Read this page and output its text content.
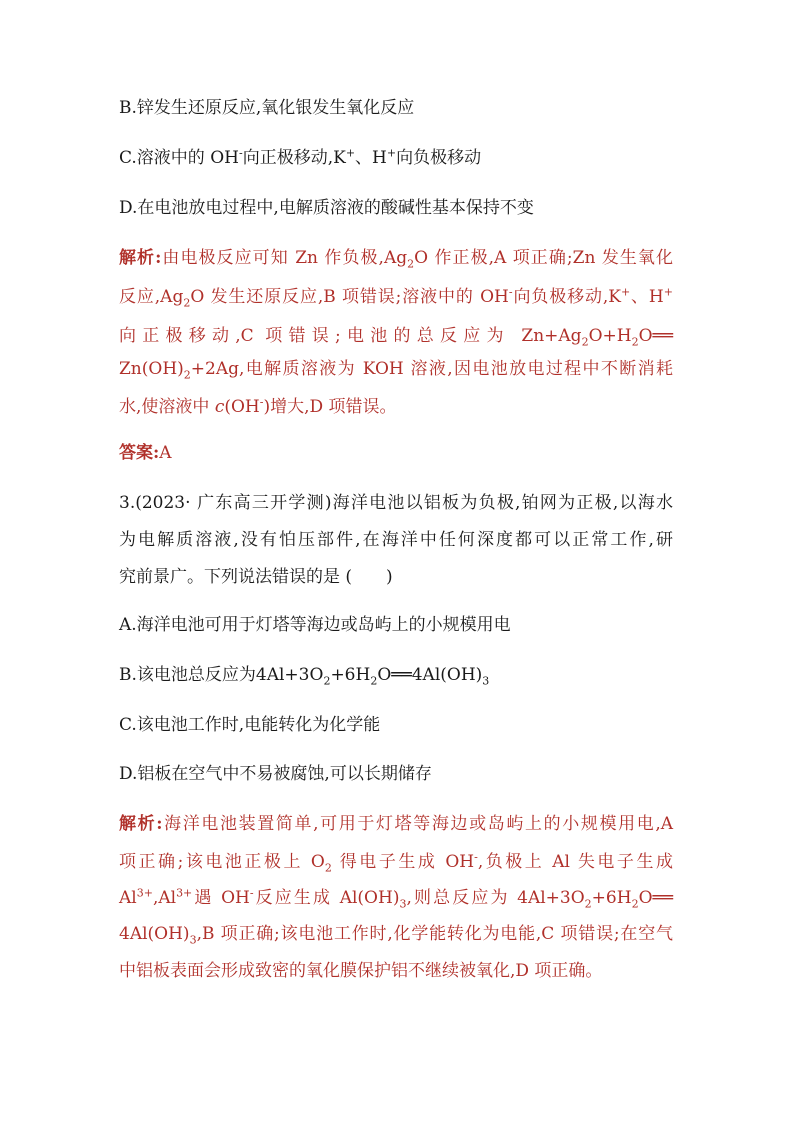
B.锌发生还原反应,氧化银发生氧化反应
C.溶液中的 OH-向正极移动,K+、H+向负极移动
D.在电池放电过程中,电解质溶液的酸碱性基本保持不变
解析:由电极反应可知 Zn 作负极$,Ag_2O$ 作正极,A 项正确;Zn 发生氧化
反应$,Ag_2O$ 发生还原反应,B 项错误;溶液中的 OH-向负极移动,K+、H+
向正极移动,C 项错误;电池的总反应为 $Zn+Ag_2O+H_2O══$
$Zn(OH)_2+2Ag$,电解质溶液为 KOH 溶液,因电池放电过程中不断消耗
水,使溶液中 c(OH-)增大,D 项错误。
答案:A
3.(2023· 广东高三开学测)海洋电池以铝板为负极,铂网为正极,以海水
为电解质溶液,没有怕压部件,在海洋中任何深度都可以正常工作,研
究前景广。下列说法错误的是 (　　)
A.海洋电池可用于灯塔等海边或岛屿上的小规模用电
B.该电池总反应为$4Al+3O_2+6H_2O══4Al(OH)_3$
C.该电池工作时,电能转化为化学能
D.铝板在空气中不易被腐蚀,可以长期储存
解析:海洋电池装置简单,可用于灯塔等海边或岛屿上的小规模用电,A
项正确;该电池正极上 $O_2$ 得电子生成 OH-,负极上 Al 失电子生成
$Al^{3+},Al^{3+}$遇 OH-反应生成 $Al(OH)_3$,则总反应为 $4Al+3O_2+6H_2O══$
$4Al(OH)_3,B$ 项正确;该电池工作时,化学能转化为电能,C 项错误;在空气
中铝板表面会形成致密的氧化膜保护铝不继续被氧化,D 项正确。
